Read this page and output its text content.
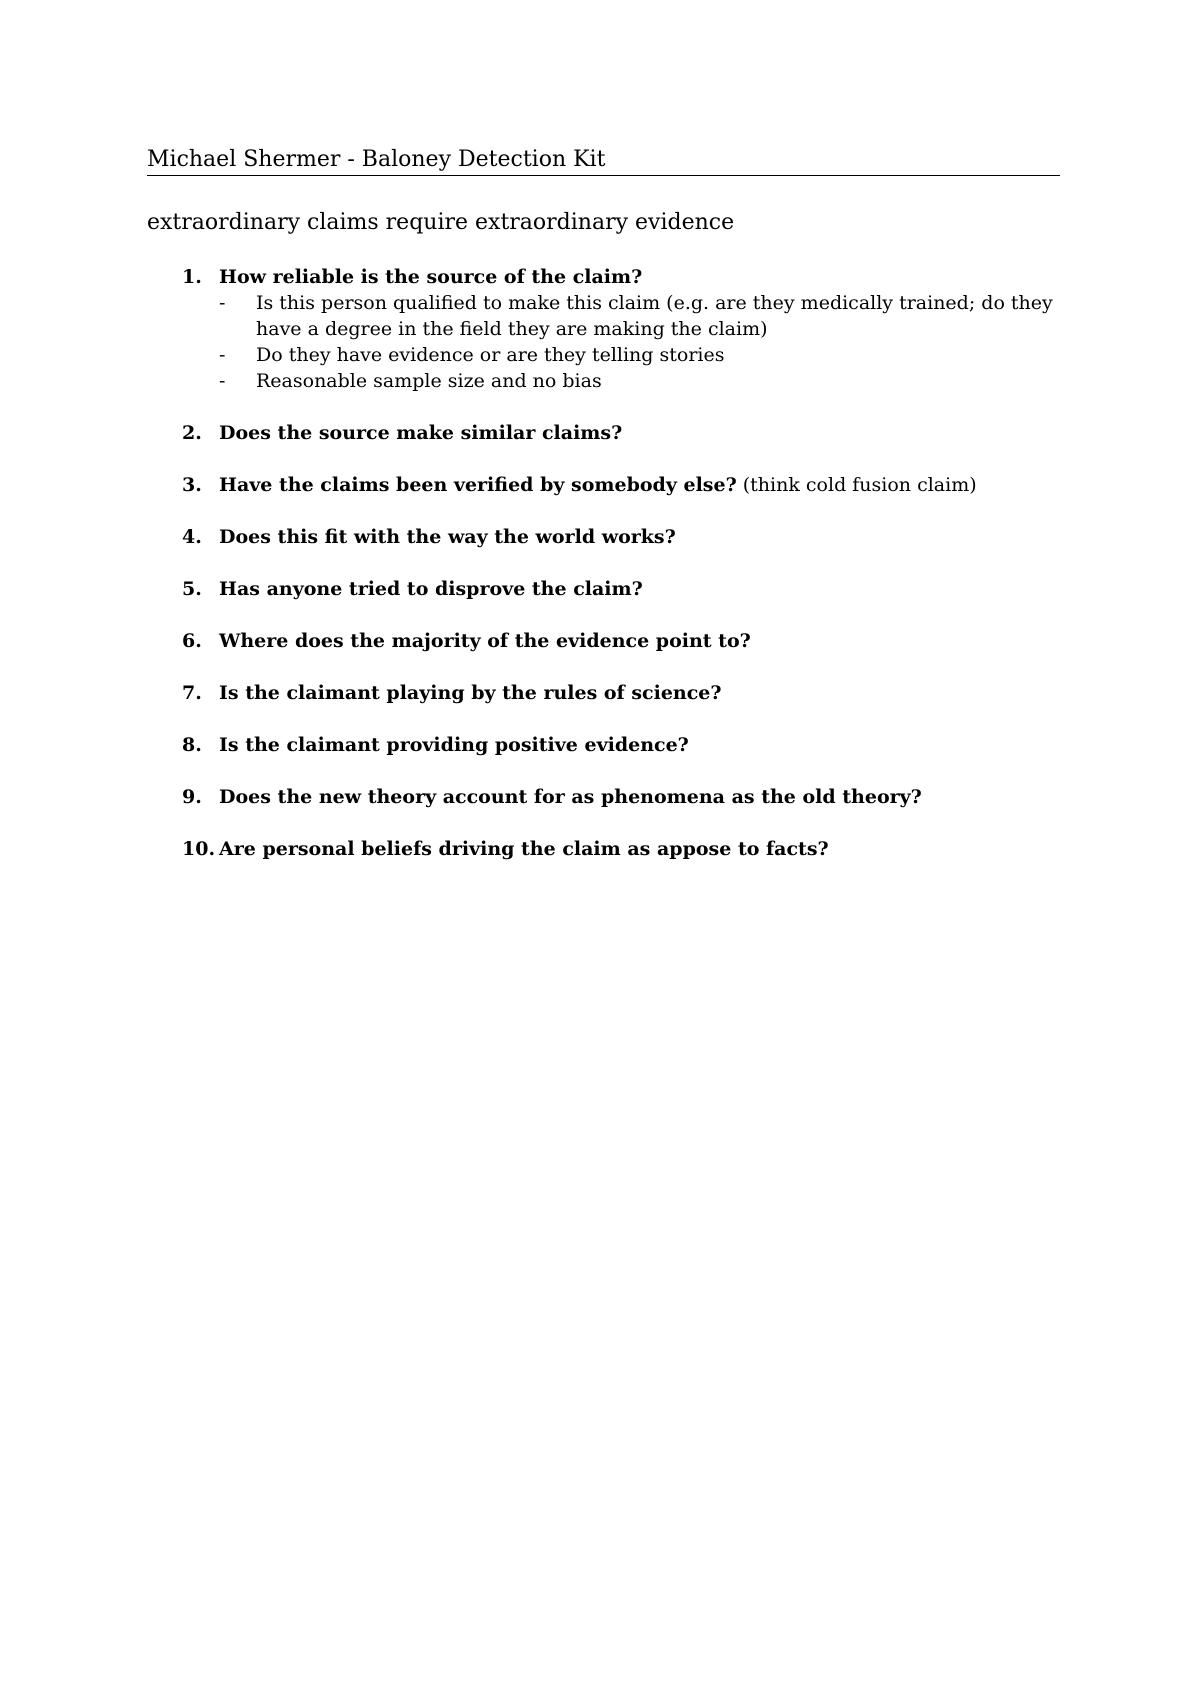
Michael Shermer - Baloney Detection Kit
extraordinary claims require extraordinary evidence
1. How reliable is the source of the claim?
- Is this person qualified to make this claim (e.g. are they medically trained; do they have a degree in the field they are making the claim)
- Do they have evidence or are they telling stories
- Reasonable sample size and no bias
2. Does the source make similar claims?
3. Have the claims been verified by somebody else? (think cold fusion claim)
4. Does this fit with the way the world works?
5. Has anyone tried to disprove the claim?
6. Where does the majority of the evidence point to?
7. Is the claimant playing by the rules of science?
8. Is the claimant providing positive evidence?
9. Does the new theory account for as phenomena as the old theory?
10. Are personal beliefs driving the claim as appose to facts?
